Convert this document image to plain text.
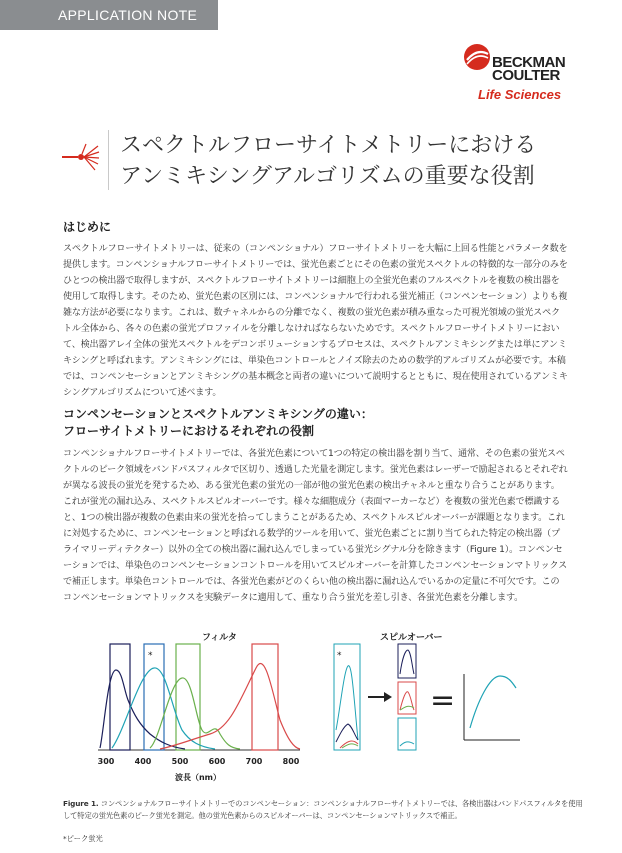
APPLICATION NOTE
BECKMAN
COULTER
Life Sciences
スペクトルフローサイトメトリーにおける
アンミキシングアルゴリズムの重要な役割
はじめに

スペクトルフローサイトメトリーは、従来の（コンペンショナル）フローサイトメトリーを大幅に上回る性能とパラメータ数を提供します。コンペンショナルフローサイトメトリーでは、蛍光色素ごとにその色素の蛍光スペクトルの特徴的な一部分のみをひとつの検出器で取得しますが、スペクトルフローサイトメトリーは細胞上の全蛍光色素のフルスペクトルを複数の検出器を使用して取得します。そのため、蛍光色素の区別には、コンペンショナルで行われる蛍光補正（コンペンセーション）よりも複雑な方法が必要になります。これは、数チャネルからの分離でなく、複数の蛍光色素が積み重なった可視光領域の蛍光スペクトル全体から、各々の色素の蛍光プロファイルを分離しなければならないためです。スペクトルフローサイトメトリーにおいて、検出器アレイ全体の蛍光スペクトルをデコンボリューションするプロセスは、スペクトルアンミキシングまたは単にアンミキシングと呼ばれます。アンミキシングには、単染色コントロールとノイズ除去のための数学的アルゴリズムが必要です。本稿では、コンペンセーションとアンミキシングの基本概念と両者の違いについて説明するとともに、現在使用されているアンミキシングアルゴリズムについて述べます。

コンペンセーションとスペクトルアンミキシングの違い：
フローサイトメトリーにおけるそれぞれの役割

コンペンショナルフローサイトメトリーでは、各蛍光色素について1つの特定の検出器を割り当て、通常、その色素の蛍光スペクトルのピーク領域をバンドパスフィルタで区切り、透過した光量を測定します。蛍光色素はレーザーで励起されるとそれぞれが異なる波長の蛍光を発するため、ある蛍光色素の蛍光の一部が他の蛍光色素の検出チャネルと重なり合うことがあります。これが蛍光の漏れ込み、スペクトルスピルオーバーです。様々な細胞成分（表面マーカーなど）を複数の蛍光色素で標識すると、1つの検出器が複数の色素由来の蛍光を拾ってしまうことがあるため、スペクトルスピルオーバーが課題となります。これに対処するために、コンペンセーションと呼ばれる数学的ツールを用いて、蛍光色素ごとに割り当てられた特定の検出器（プライマリーディテクター）以外の全ての検出器に漏れ込んでしまっている蛍光シグナル分を除きます（Figure 1）。コンペンセーションでは、単染色のコンペンセーションコントロールを用いてスピルオーバーを計算したコンペンセーションマトリックスで補正します。単染色コントロールでは、各蛍光色素がどのくらい他の検出器に漏れ込んでいるかの定量に不可欠です。このコンペンセーションマトリックスを実験データに適用して、重なり合う蛍光を差し引き、各蛍光色素を分離します。

フィルタ
*
300	400	500	600	700	800
波長（nm）
*
スピルオーバー
=
Figure 1. コンペンショナルフローサイトメトリーでのコンペンセーション：コンペンショナルフローサイトメトリーでは、各検出器はバンドパスフィルタを使用して特定の蛍光色素のピーク蛍光を測定。他の蛍光色素からのスピルオーバーは、コンペンセーションマトリックスで補正。
*ピーク蛍光
